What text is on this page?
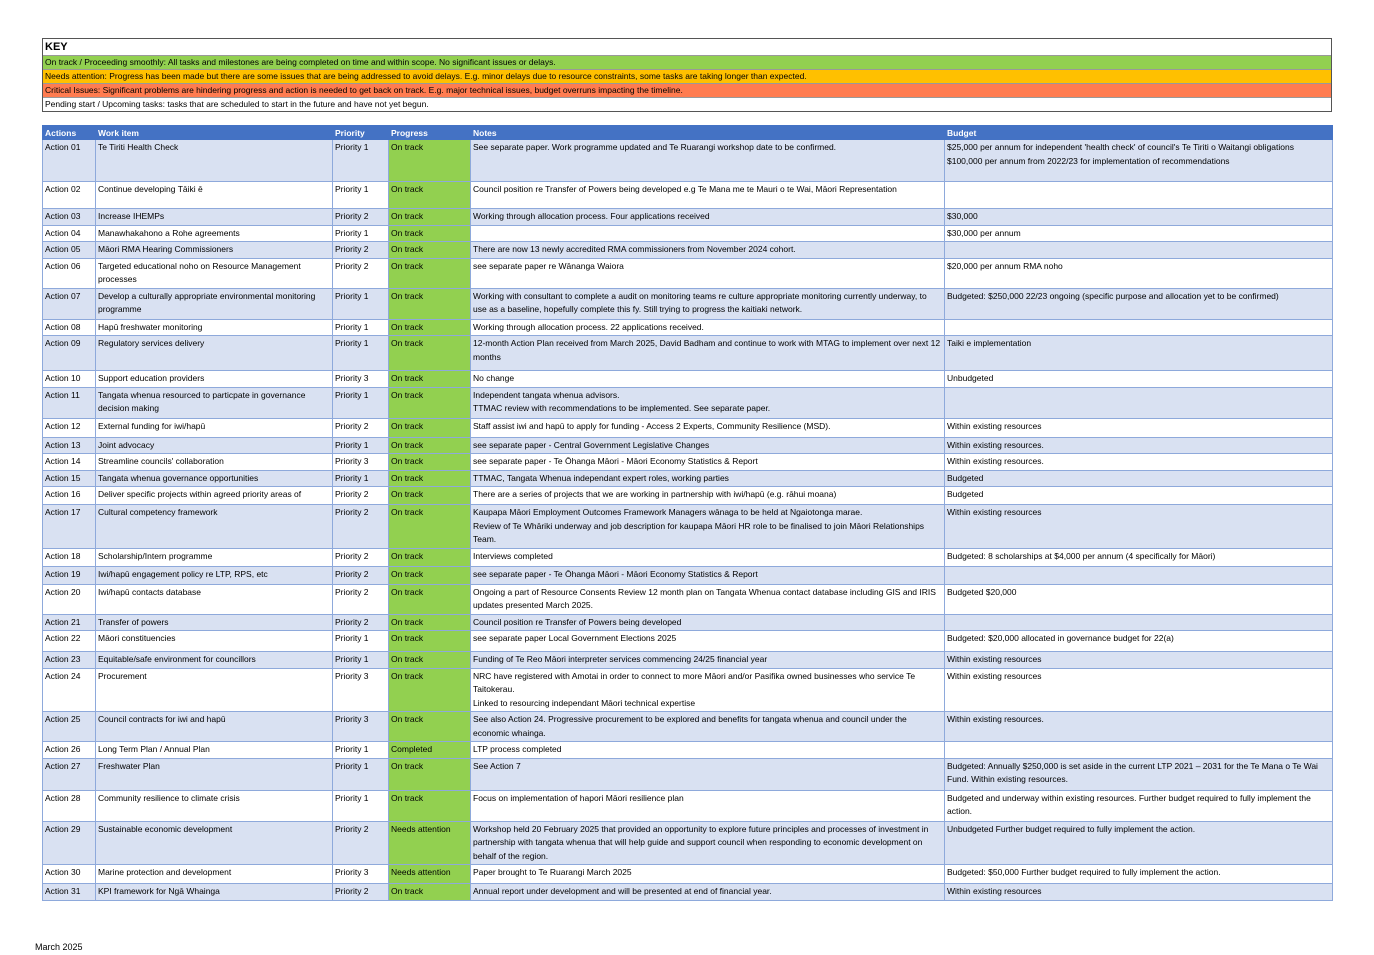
KEY
On track / Proceeding smoothly: All tasks and milestones are being completed on time and within scope. No significant issues or delays.
Needs attention: Progress has been made but there are some issues that are being addressed to avoid delays. E.g. minor delays due to resource constraints, some tasks are taking longer than expected.
Critical Issues: Significant problems are hindering progress and action is needed to get back on track. E.g. major technical issues, budget overruns impacting the timeline.
Pending start / Upcoming tasks: tasks that are scheduled to start in the future and have not yet begun.
Actions	Work item	Priority	Progress	Notes	Budget
Action 01	Te Tiriti Health Check	Priority 1	On track	See separate paper. Work programme updated and Te Ruarangi workshop date to be confirmed.	$25,000 per annum for independent 'health check' of council's Te Tiriti o Waitangi obligations
$100,000 per annum from 2022/23 for implementation of recommendations
Action 02	Continue developing Tāiki ē	Priority 1	On track	Council position re Transfer of Powers being developed e.g Te Mana me te Mauri o te Wai, Māori Representation	
Action 03	Increase IHEMPs	Priority 2	On track	Working through allocation process. Four applications received	$30,000
Action 04	Manawhakahono a Rohe agreements	Priority 1	On track		$30,000 per annum
Action 05	Māori RMA Hearing Commissioners	Priority 2	On track	There are now 13 newly accredited RMA commissioners from November 2024 cohort.	
Action 06	Targeted educational noho on Resource Management processes	Priority 2	On track	see separate paper re Wānanga Waiora	$20,000 per annum RMA noho
Action 07	Develop a culturally appropriate environmental monitoring programme	Priority 1	On track	Working with consultant to complete a audit on monitoring teams re culture appropriate monitoring currently underway, to use as a baseline, hopefully complete this fy. Still trying to progress the kaitiaki network.	Budgeted: $250,000 22/23 ongoing (specific purpose and allocation yet to be confirmed)
Action 08	Hapū freshwater monitoring	Priority 1	On track	Working through allocation process. 22 applications received.	
Action 09	Regulatory services delivery	Priority 1	On track	12-month Action Plan received from March 2025, David Badham and continue to work with MTAG to implement over next 12 months	Taiki e implementation
Action 10	Support education providers	Priority 3	On track	No change	Unbudgeted
Action 11	Tangata whenua resourced to particpate in governance decision making	Priority 1	On track	Independent tangata whenua advisors.
TTMAC review with recommendations to be implemented. See separate paper.	
Action 12	External funding for iwi/hapū	Priority 2	On track	Staff assist iwi and hapū to apply for funding - Access 2 Experts, Community Resilience (MSD).	Within existing resources
Action 13	Joint advocacy	Priority 1	On track	see separate paper - Central Government Legislative Changes	Within existing resources.
Action 14	Streamline councils' collaboration	Priority 3	On track	see separate paper - Te Ōhanga Māori - Māori Economy Statistics & Report	Within existing resources.
Action 15	Tangata whenua governance opportunities	Priority 1	On track	TTMAC, Tangata Whenua independant expert roles, working parties	Budgeted
Action 16	Deliver specific projects within agreed priority areas of	Priority 2	On track	There are a series of projects that we are working in partnership with iwi/hapū (e.g. rāhui moana)	Budgeted
Action 17	Cultural competency framework	Priority 2	On track	Kaupapa Māori Employment Outcomes Framework Managers wānaga to be held at Ngaiotonga marae.
Review of Te Whāriki underway and job description for kaupapa Māori HR role to be finalised to join Māori Relationships Team.	Within existing resources
Action 18	Scholarship/Intern programme	Priority 2	On track	Interviews completed	Budgeted: 8 scholarships at $4,000 per annum (4 specifically for Māori)
Action 19	Iwi/hapū engagement policy re LTP, RPS, etc	Priority 2	On track	see separate paper - Te Ōhanga Māori - Māori Economy Statistics & Report	
Action 20	Iwi/hapū contacts database	Priority 2	On track	Ongoing a part of Resource Consents Review 12 month plan on Tangata Whenua contact database including GIS and IRIS updates presented March 2025.	Budgeted $20,000
Action 21	Transfer of powers	Priority 2	On track	Council position re Transfer of Powers being developed	
Action 22	Māori constituencies	Priority 1	On track	see separate paper Local Government Elections 2025	Budgeted: $20,000 allocated in governance budget for 22(a)
Action 23	Equitable/safe environment for councillors	Priority 1	On track	Funding of Te Reo Māori interpreter services commencing 24/25 financial year	Within existing resources
Action 24	Procurement	Priority 3	On track	NRC have registered with Amotai in order to connect to more Māori and/or Pasifika owned businesses who service Te Taitokerau.
Linked to resourcing independant Māori technical expertise	Within existing resources
Action 25	Council contracts for iwi and hapū	Priority 3	On track	See also Action 24. Progressive procurement to be explored and benefits for tangata whenua and council under the economic whainga.	Within existing resources.
Action 26	Long Term Plan / Annual Plan	Priority 1	Completed	LTP process completed	
Action 27	Freshwater Plan	Priority 1	On track	See Action 7	Budgeted: Annually $250,000 is set aside in the current LTP 2021 – 2031 for the Te Mana o Te Wai Fund. Within existing resources.
Action 28	Community resilience to climate crisis	Priority 1	On track	Focus on implementation of hapori Māori resilience plan	Budgeted and underway within existing resources. Further budget required to fully implement the action.
Action 29	Sustainable economic development	Priority 2	Needs attention	Workshop held 20 February 2025 that provided an opportunity to explore future principles and processes of investment in partnership with tangata whenua that will help guide and support council when responding to economic development on behalf of the region.	Unbudgeted Further budget required to fully implement the action.
Action 30	Marine protection and development	Priority 3	Needs attention	Paper brought to Te Ruarangi March 2025	Budgeted: $50,000 Further budget required to fully implement the action.
Action 31	KPI framework for Ngā Whainga	Priority 2	On track	Annual report under development and will be presented at end of financial year.	Within existing resources
March 2025
